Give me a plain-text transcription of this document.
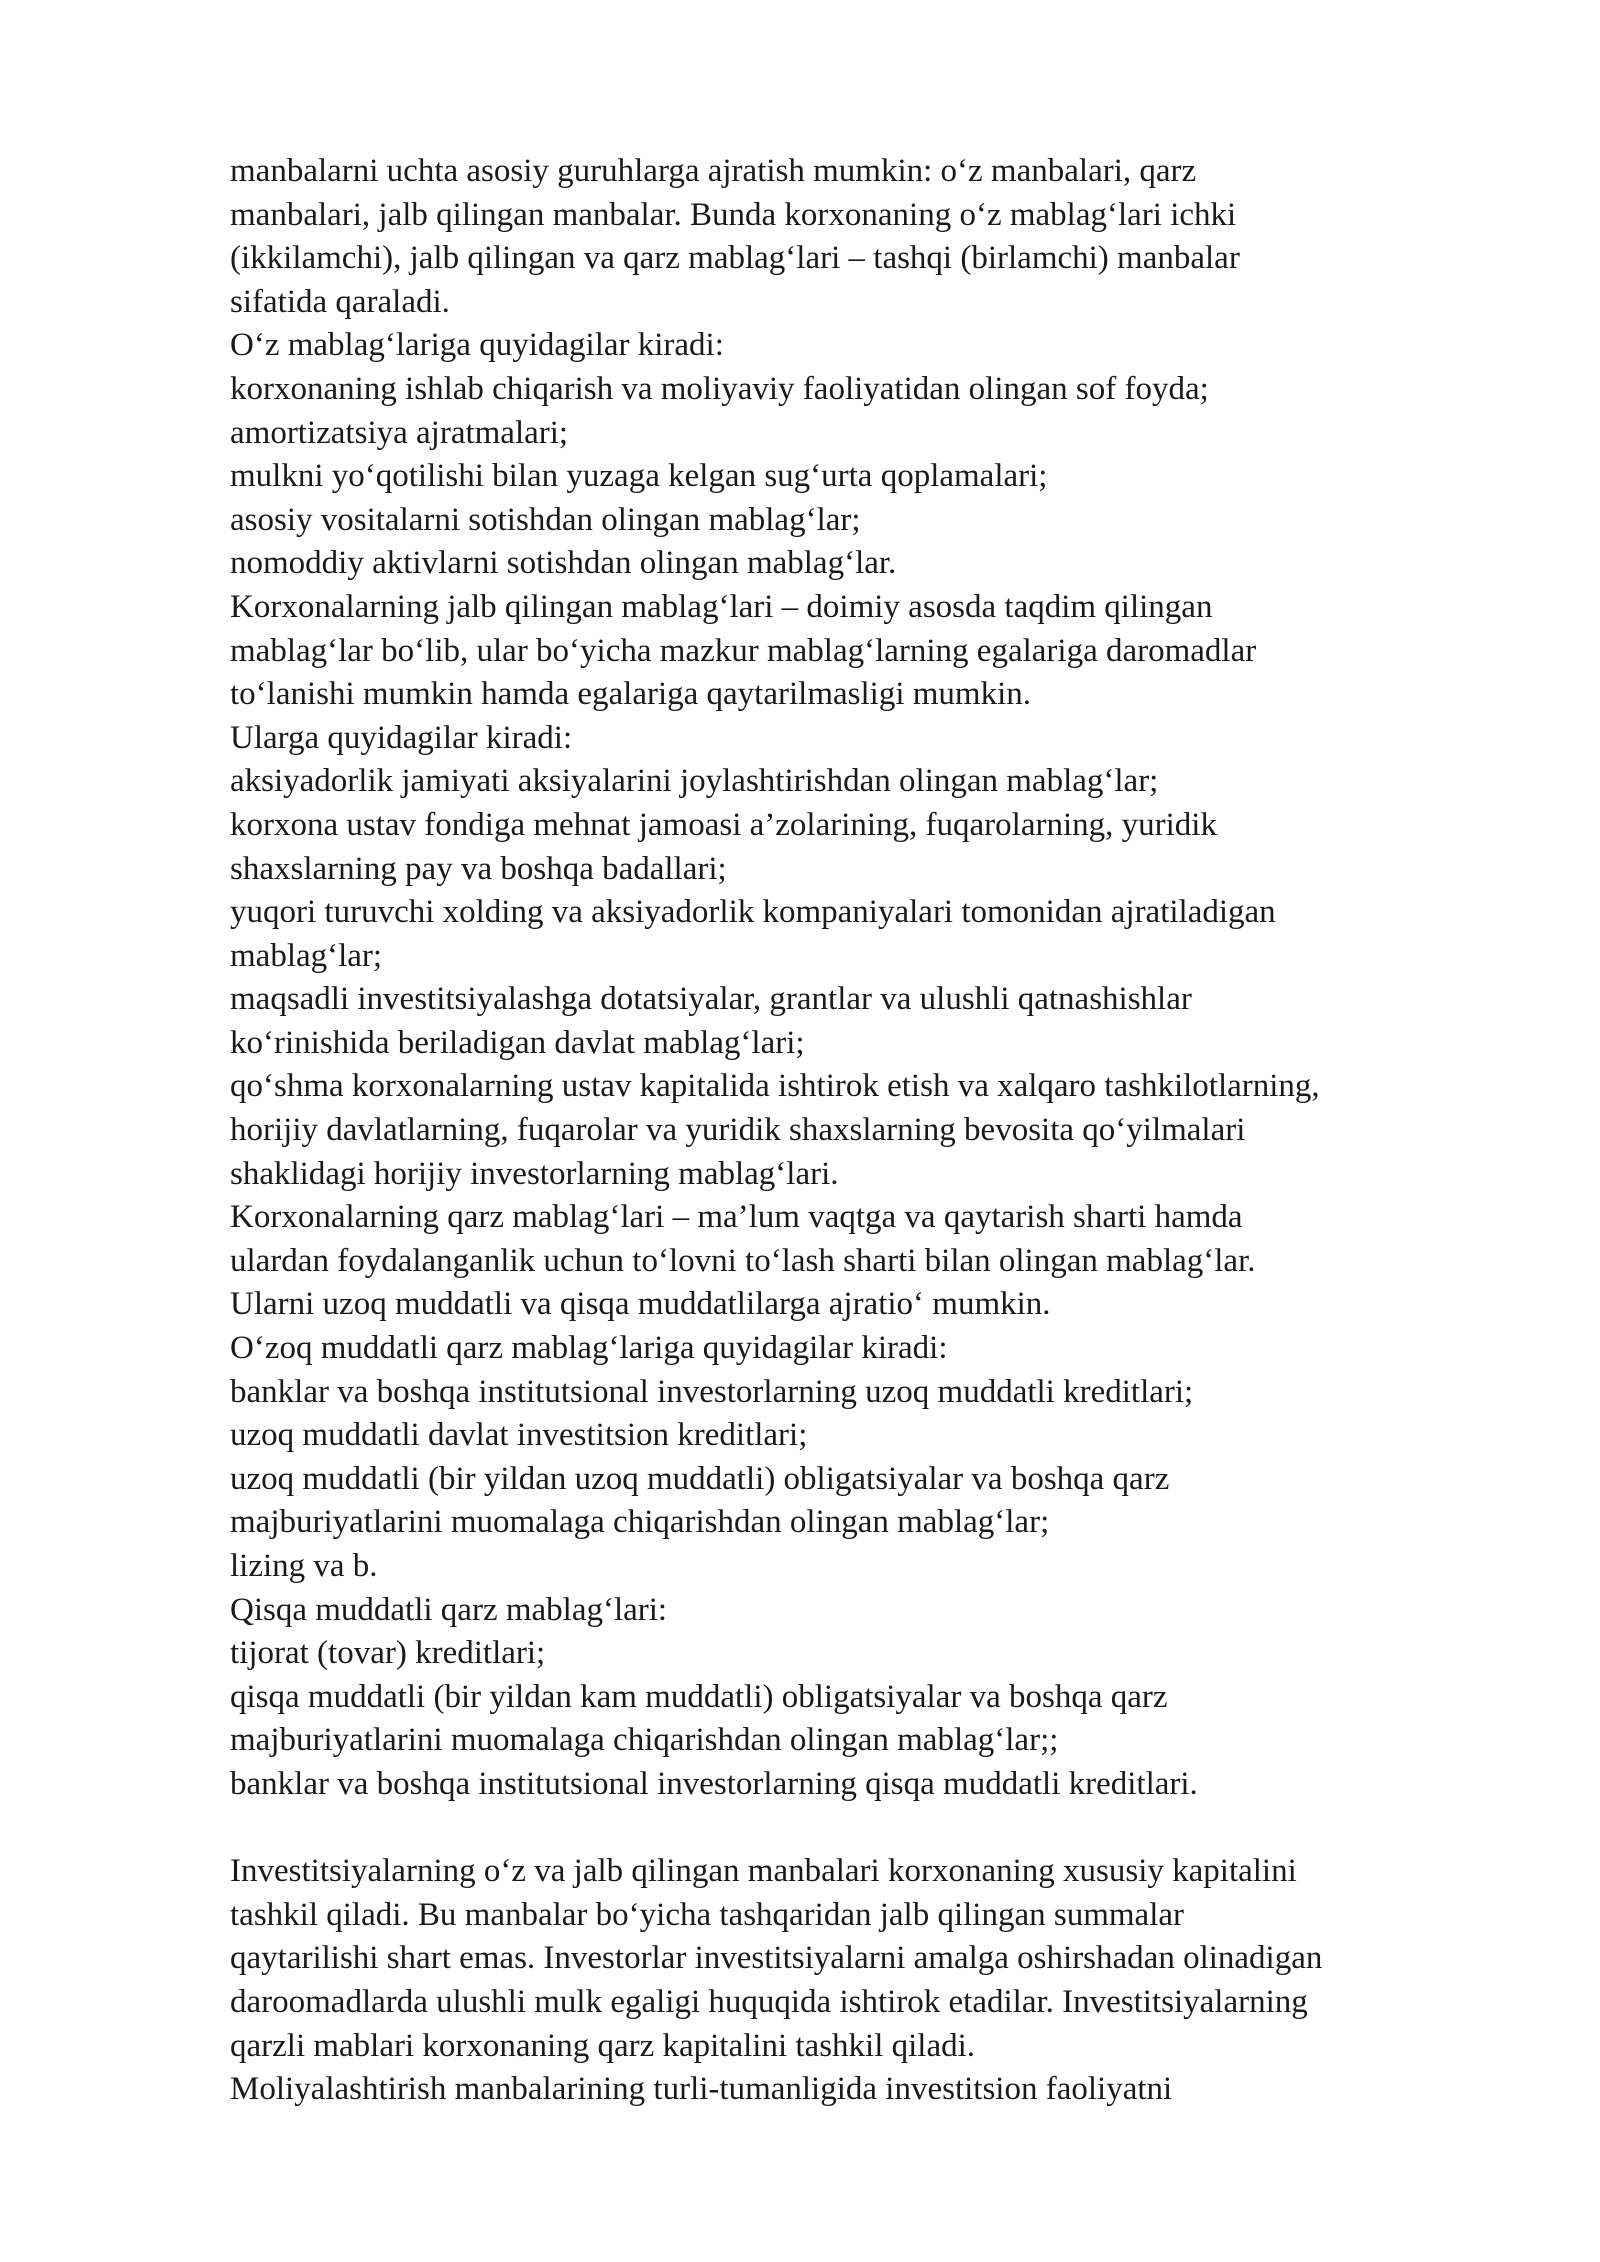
manbalarni uchta asosiy guruhlarga ajratish mumkin: o‘z manbalari, qarz
manbalari, jalb qilingan manbalar. Bunda korxonaning o‘z mablag‘lari ichki
(ikkilamchi), jalb qilingan va qarz mablag‘lari – tashqi (birlamchi) manbalar
sifatida qaraladi.
O‘z mablag‘lariga quyidagilar kiradi:
korxonaning ishlab chiqarish va moliyaviy faoliyatidan olingan sof foyda;
amortizatsiya ajratmalari;
mulkni yo‘qotilishi bilan yuzaga kelgan sug‘urta qoplamalari;
asosiy vositalarni sotishdan olingan mablag‘lar;
nomoddiy aktivlarni sotishdan olingan mablag‘lar.
Korxonalarning jalb qilingan mablag‘lari – doimiy asosda taqdim qilingan
mablag‘lar bo‘lib, ular bo‘yicha mazkur mablag‘larning egalariga daromadlar
to‘lanishi mumkin hamda egalariga qaytarilmasligi mumkin.
Ularga quyidagilar kiradi:
aksiyadorlik jamiyati aksiyalarini joylashtirishdan olingan mablag‘lar;
korxona ustav fondiga mehnat jamoasi a’zolarining, fuqarolarning, yuridik
shaxslarning pay va boshqa badallari;
yuqori turuvchi xolding va aksiyadorlik kompaniyalari tomonidan ajratiladigan
mablag‘lar;
maqsadli investitsiyalashga dotatsiyalar, grantlar va ulushli qatnashishlar
ko‘rinishida beriladigan davlat mablag‘lari;
qo‘shma korxonalarning ustav kapitalida ishtirok etish va xalqaro tashkilotlarning,
horijiy davlatlarning, fuqarolar va yuridik shaxslarning bevosita qo‘yilmalari
shaklidagi horijiy investorlarning mablag‘lari.
Korxonalarning qarz mablag‘lari – ma’lum vaqtga va qaytarish sharti hamda
ulardan foydalanganlik uchun to‘lovni to‘lash sharti bilan olingan mablag‘lar.
Ularni uzoq muddatli va qisqa muddatlilarga ajratio‘ mumkin.
O‘zoq muddatli qarz mablag‘lariga quyidagilar kiradi:
banklar va boshqa institutsional investorlarning uzoq muddatli kreditlari;
uzoq muddatli davlat investitsion kreditlari;
uzoq muddatli (bir yildan uzoq muddatli) obligatsiyalar va boshqa qarz
majburiyatlarini muomalaga chiqarishdan olingan mablag‘lar;
lizing va b.
Qisqa muddatli qarz mablag‘lari:
tijorat (tovar) kreditlari;
qisqa muddatli (bir yildan kam muddatli) obligatsiyalar va boshqa qarz
majburiyatlarini muomalaga chiqarishdan olingan mablag‘lar;;
banklar va boshqa institutsional investorlarning qisqa muddatli kreditlari.
Investitsiyalarning o‘z va jalb qilingan manbalari korxonaning xususiy kapitalini
tashkil qiladi. Bu manbalar bo‘yicha tashqaridan jalb qilingan summalar
qaytarilishi shart emas. Investorlar investitsiyalarni amalga oshirshadan olinadigan
daroomadlarda ulushli mulk egaligi huquqida ishtirok etadilar. Investitsiyalarning
qarzli mablari korxonaning qarz kapitalini tashkil qiladi.
Moliyalashtirish manbalarining turli-tumanligida investitsion faoliyatni
